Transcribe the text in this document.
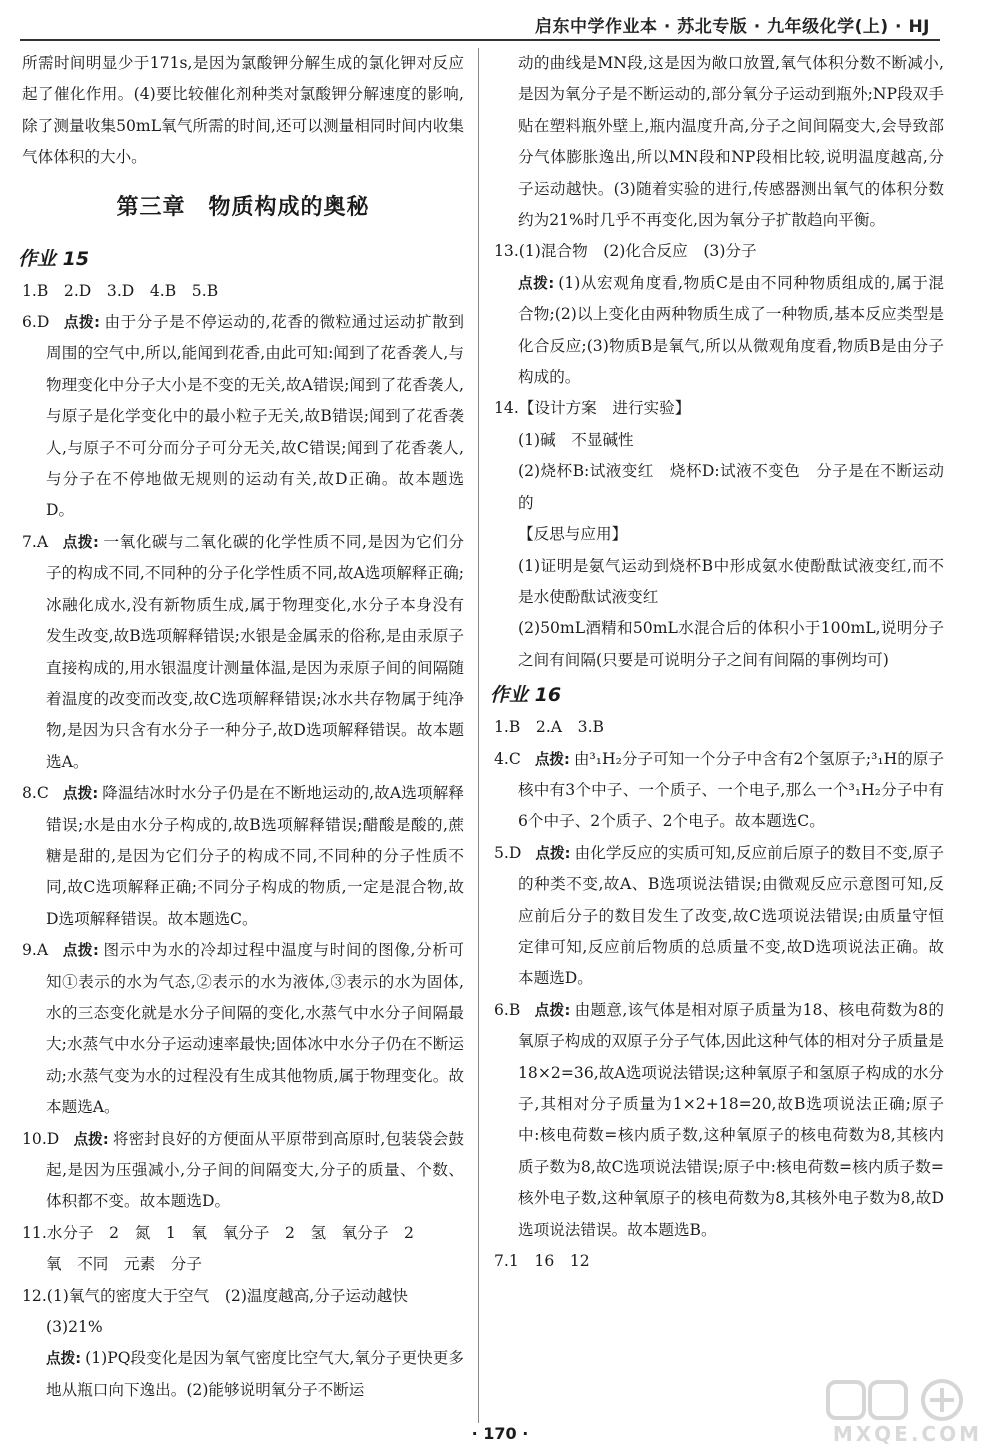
启东中学作业本 · 苏北专版 · 九年级化学(上) · HJ

所需时间明显少于171s,是因为氯酸钾分解生成的氯化钾对反应起了催化作用。(4)要比较催化剂种类对氯酸钾分解速度的影响,除了测量收集50mL氧气所需的时间,还可以测量相同时间内收集气体体积的大小。

第三章　物质构成的奥秘
作业 15

1.B　2.D　3.D　4.B　5.B

6.D 点拨: 由于分子是不停运动的,花香的微粒通过运动扩散到周围的空气中,所以,能闻到花香,由此可知:闻到了花香袭人,与物理变化中分子大小是不变的无关,故A错误;闻到了花香袭人,与原子是化学变化中的最小粒子无关,故B错误;闻到了花香袭人,与原子不可分而分子可分无关,故C错误;闻到了花香袭人,与分子在不停地做无规则的运动有关,故D正确。故本题选D。

7.A 点拨: 一氧化碳与二氧化碳的化学性质不同,是因为它们分子的构成不同,不同种的分子化学性质不同,故A选项解释正确;冰融化成水,没有新物质生成,属于物理变化,水分子本身没有发生改变,故B选项解释错误;水银是金属汞的俗称,是由汞原子直接构成的,用水银温度计测量体温,是因为汞原子间的间隔随着温度的改变而改变,故C选项解释错误;冰水共存物属于纯净物,是因为只含有水分子一种分子,故D选项解释错误。故本题选A。

8.C 点拨: 降温结冰时水分子仍是在不断地运动的,故A选项解释错误;水是由水分子构成的,故B选项解释错误;醋酸是酸的,蔗糖是甜的,是因为它们分子的构成不同,不同种的分子性质不同,故C选项解释正确;不同分子构成的物质,一定是混合物,故D选项解释错误。故本题选C。

9.A 点拨: 图示中为水的冷却过程中温度与时间的图像,分析可知①表示的水为气态,②表示的水为液体,③表示的水为固体,水的三态变化就是水分子间隔的变化,水蒸气中水分子间隔最大;水蒸气中水分子运动速率最快;固体冰中水分子仍在不断运动;水蒸气变为水的过程没有生成其他物质,属于物理变化。故本题选A。

10.D 点拨: 将密封良好的方便面从平原带到高原时,包装袋会鼓起,是因为压强减小,分子间的间隔变大,分子的质量、个数、体积都不变。故本题选D。

11.水分子　2　氮　1　氧　氧分子　2　氢　氧分子　2

氧　不同　元素　分子

12.(1)氧气的密度大于空气　(2)温度越高,分子运动越快

(3)21%

点拨: (1)PQ段变化是因为氧气密度比空气大,氧分子更快更多地从瓶口向下逸出。(2)能够说明氧分子不断运

动的曲线是MN段,这是因为敞口放置,氧气体积分数不断减小,是因为氧分子是不断运动的,部分氧分子运动到瓶外;NP段双手贴在塑料瓶外壁上,瓶内温度升高,分子之间间隔变大,会导致部分气体膨胀逸出,所以MN段和NP段相比较,说明温度越高,分子运动越快。(3)随着实验的进行,传感器测出氧气的体积分数约为21%时几乎不再变化,因为氧分子扩散趋向平衡。

13.(1)混合物　(2)化合反应　(3)分子

点拨: (1)从宏观角度看,物质C是由不同种物质组成的,属于混合物;(2)以上变化由两种物质生成了一种物质,基本反应类型是化合反应;(3)物质B是氧气,所以从微观角度看,物质B是由分子构成的。

14.【设计方案　进行实验】

(1)碱　不显碱性

(2)烧杯B:试液变红　烧杯D:试液不变色　分子是在不断运动的

【反思与应用】

(1)证明是氨气运动到烧杯B中形成氨水使酚酞试液变红,而不是水使酚酞试液变红

(2)50mL酒精和50mL水混合后的体积小于100mL,说明分子之间有间隔(只要是可说明分子之间有间隔的事例均可)

作业 16

1.B　2.A　3.B

4.C 点拨: 由³₁H₂分子可知一个分子中含有2个氢原子;³₁H的原子核中有3个中子、一个质子、一个电子,那么一个³₁H₂分子中有6个中子、2个质子、2个电子。故本题选C。

5.D 点拨: 由化学反应的实质可知,反应前后原子的数目不变,原子的种类不变,故A、B选项说法错误;由微观反应示意图可知,反应前后分子的数目发生了改变,故C选项说法错误;由质量守恒定律可知,反应前后物质的总质量不变,故D选项说法正确。故本题选D。

6.B 点拨: 由题意,该气体是相对原子质量为18、核电荷数为8的氧原子构成的双原子分子气体,因此这种气体的相对分子质量是18×2=36,故A选项说法错误;这种氧原子和氢原子构成的水分子,其相对分子质量为1×2+18=20,故B选项说法正确;原子中:核电荷数=核内质子数,这种氧原子的核电荷数为8,其核内质子数为8,故C选项说法错误;原子中:核电荷数=核内质子数=核外电子数,这种氧原子的核电荷数为8,其核外电子数为8,故D选项说法错误。故本题选B。

7.1　16　12

· 170 ·	MXQE.COM
